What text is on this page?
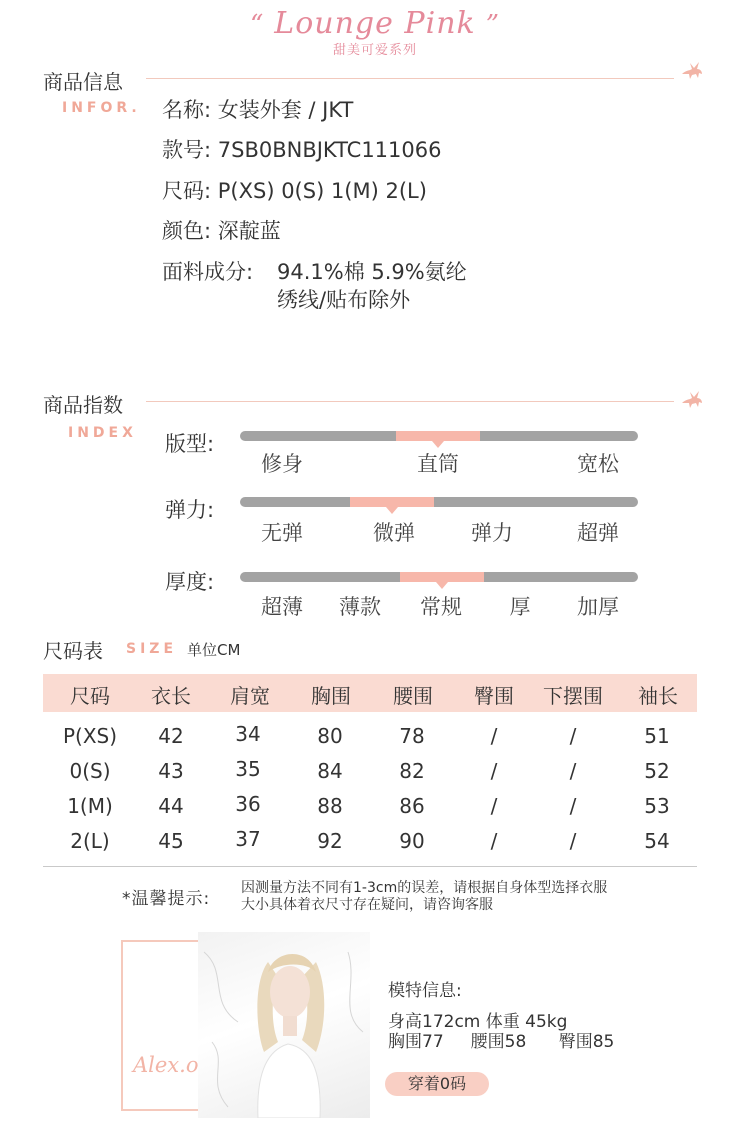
“ Lounge Pink ”
甜美可爱系列
商品信息
INFOR. 名称: 女装外套 / JKT
款号: 7SB0BNBJKTC111066
尺码: P(XS) 0(S) 1(M) 2(L)
颜色: 深靛蓝
面料成分: 94.1%棉 5.9%氨纶
绣线/贴布除外
商品指数
INDEX 版型:
修身	直筒	宽松
弹力:
无弹	微弹	弹力	超弹
厚度:
超薄 薄款 常规 厚 加厚
尺码表 SIZE 单位CM
尺码 衣长 肩宽 胸围 腰围 臀围 下摆围 袖长
P(XS) 42	34	80	78	/	/	51
0(S) 43	35	84	82	/	/	52
1(M) 44	36	88	86	/	/	53
2(L) 45	37	92	90	/	/	54
*温馨提示:
因测量方法不同有1-3cm的误差，请根据自身体型选择衣服
大小具体着衣尺寸存在疑问，请咨询客服
Alex.o
模特信息:
身高172cm 体重 45kg
胸围77     腰围58      臀围85
穿着0码
